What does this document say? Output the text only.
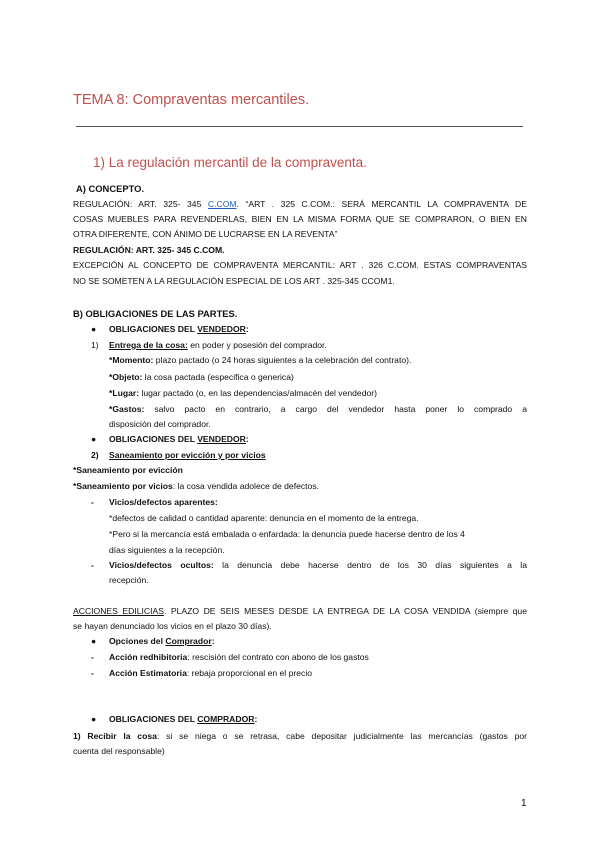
TEMA 8: Compraventas mercantiles.
1) La regulación mercantil de la compraventa.
A) CONCEPTO.
REGULACIÓN: ART. 325- 345 C.COM. “ART . 325 C.COM.: SERÁ MERCANTIL LA COMPRAVENTA DE
COSAS MUEBLES PARA REVENDERLAS, BIEN EN LA MISMA FORMA QUE SE COMPRARON, O BIEN EN
OTRA DIFERENTE, CON ÁNIMO DE LUCRARSE EN LA REVENTA”
REGULACIÓN: ART. 325- 345 C.COM.
EXCEPCIÓN AL CONCEPTO DE COMPRAVENTA MERCANTIL: ART . 326 C.COM. ESTAS COMPRAVENTAS
NO SE SOMETEN A LA REGULACIÓN ESPECIAL DE LOS ART . 325-345 CCOM1.
B) OBLIGACIONES DE LAS PARTES.
● OBLIGACIONES DEL VENDEDOR:
1) Entrega de la cosa: en poder y posesión del comprador.
*Momento: plazo pactado (o 24 horas siguientes a la celebración del contrato).
*Objeto: la cosa pactada (especifica o generica)
*Lugar: lugar pactado (o, en las dependencias/almacén del vendedor)
*Gastos: salvo pacto en contrario, a cargo del vendedor hasta poner lo comprado a
disposición del comprador.
● OBLIGACIONES DEL VENDEDOR:
2) Saneamiento por evicción y por vicios
*Saneamiento por evicción
*Saneamiento por vicios: la cosa vendida adolece de defectos.
- Vicios/defectos aparentes:
*defectos de calidad o cantidad aparente: denuncia en el momento de la entrega.
*Pero si la mercancía está embalada o enfardada: la denuncia puede hacerse dentro de los 4
días siguientes a la recepción.
- Vicios/defectos ocultos: la denuncia debe hacerse dentro de los 30 días siguientes a la
recepción.
ACCIONES EDILICIAS. PLAZO DE SEIS MESES DESDE LA ENTREGA DE LA COSA VENDIDA (siempre que
se hayan denunciado los vicios en el plazo 30 días).
● Opciones del Comprador:
- Acción redhibitoria: rescisión del contrato con abono de los gastos
- Acción Estimatoria: rebaja proporcional en el precio
● OBLIGACIONES DEL COMPRADOR:
1) Recibir la cosa: si se niega o se retrasa, cabe depositar judicialmente las mercancías (gastos por
cuenta del responsable)
1
